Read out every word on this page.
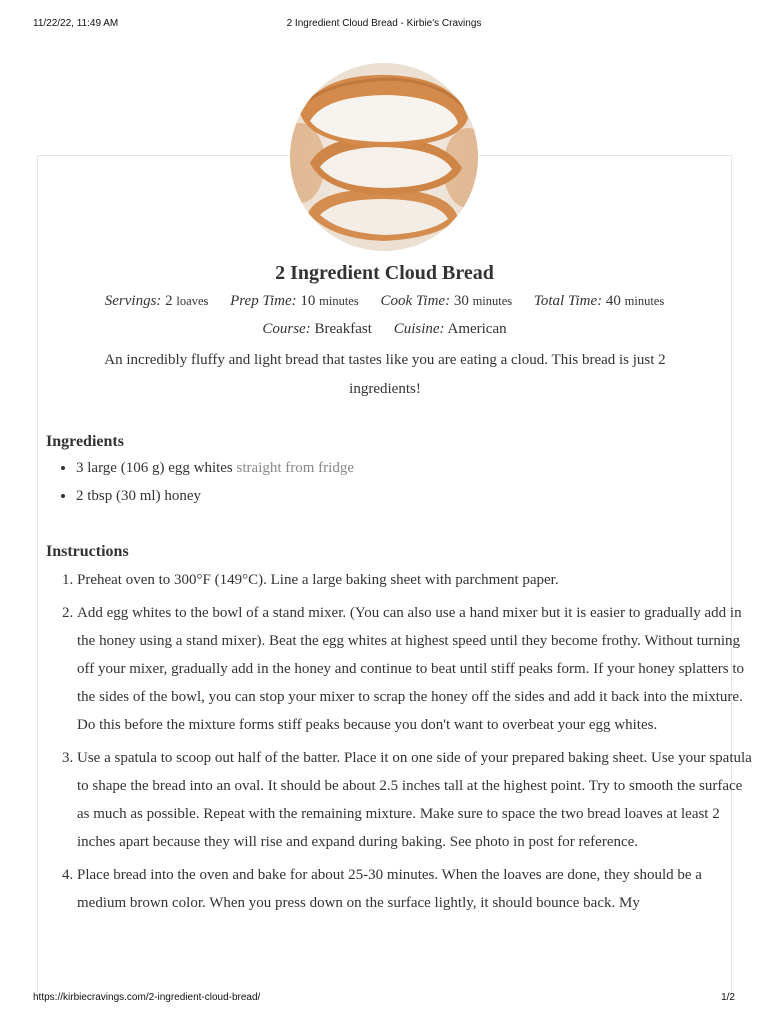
11/22/22, 11:49 AM	2 Ingredient Cloud Bread - Kirbie's Cravings
2 Ingredient Cloud Bread
Servings: 2 loaves Prep Time: 10 minutes Cook Time: 30 minutes Total Time: 40 minutes
Course: Breakfast Cuisine: American
An incredibly fluffy and light bread that tastes like you are eating a cloud. This bread is just 2 ingredients!
Ingredients
• 3 large (106 g) egg whites straight from fridge
• 2 tbsp (30 ml) honey
Instructions
1. Preheat oven to 300°F (149°C). Line a large baking sheet with parchment paper.
2. Add egg whites to the bowl of a stand mixer. (You can also use a hand mixer but it is easier to gradually add in the honey using a stand mixer). Beat the egg whites at highest speed until they become frothy. Without turning off your mixer, gradually add in the honey and continue to beat until stiff peaks form. If your honey splatters to the sides of the bowl, you can stop your mixer to scrap the honey off the sides and add it back into the mixture. Do this before the mixture forms stiff peaks because you don't want to overbeat your egg whites.
3. Use a spatula to scoop out half of the batter. Place it on one side of your prepared baking sheet. Use your spatula to shape the bread into an oval. It should be about 2.5 inches tall at the highest point. Try to smooth the surface as much as possible. Repeat with the remaining mixture. Make sure to space the two bread loaves at least 2 inches apart because they will rise and expand during baking. See photo in post for reference.
4. Place bread into the oven and bake for about 25-30 minutes. When the loaves are done, they should be a medium brown color. When you press down on the surface lightly, it should bounce back. My
https://kirbiecravings.com/2-ingredient-cloud-bread/	1/2
